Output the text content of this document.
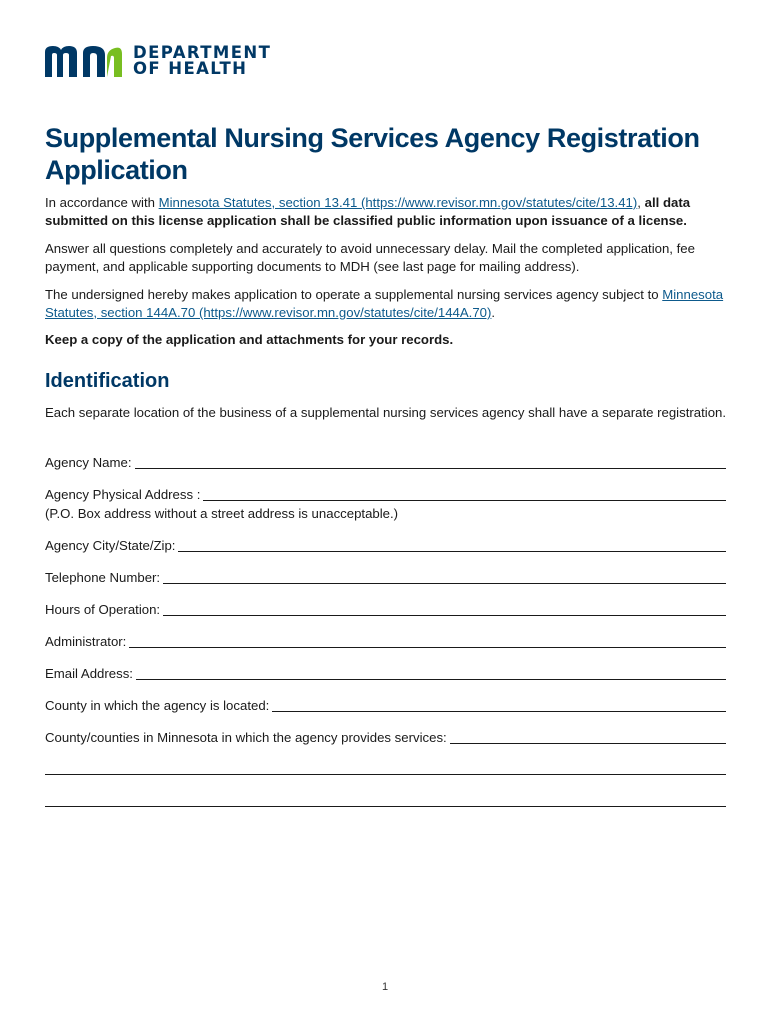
DEPARTMENT
OF HEALTH
Supplemental Nursing Services Agency Registration Application

In accordance with Minnesota Statutes, section 13.41 (https://www.revisor.mn.gov/statutes/cite/13.41), all data submitted on this license application shall be classified public information upon issuance of a license.

Answer all questions completely and accurately to avoid unnecessary delay. Mail the completed application, fee payment, and applicable supporting documents to MDH (see last page for mailing address).

The undersigned hereby makes application to operate a supplemental nursing services agency subject to Minnesota Statutes, section 144A.70 (https://www.revisor.mn.gov/statutes/cite/144A.70).

Keep a copy of the application and attachments for your records.

Identification

Each separate location of the business of a supplemental nursing services agency shall have a separate registration.

Agency Name:
Agency Physical Address :
(P.O. Box address without a street address is unacceptable.)
Agency City/State/Zip:
Telephone Number:
Hours of Operation:
Administrator:
Email Address:
County in which the agency is located:
County/counties in Minnesota in which the agency provides services:
1
